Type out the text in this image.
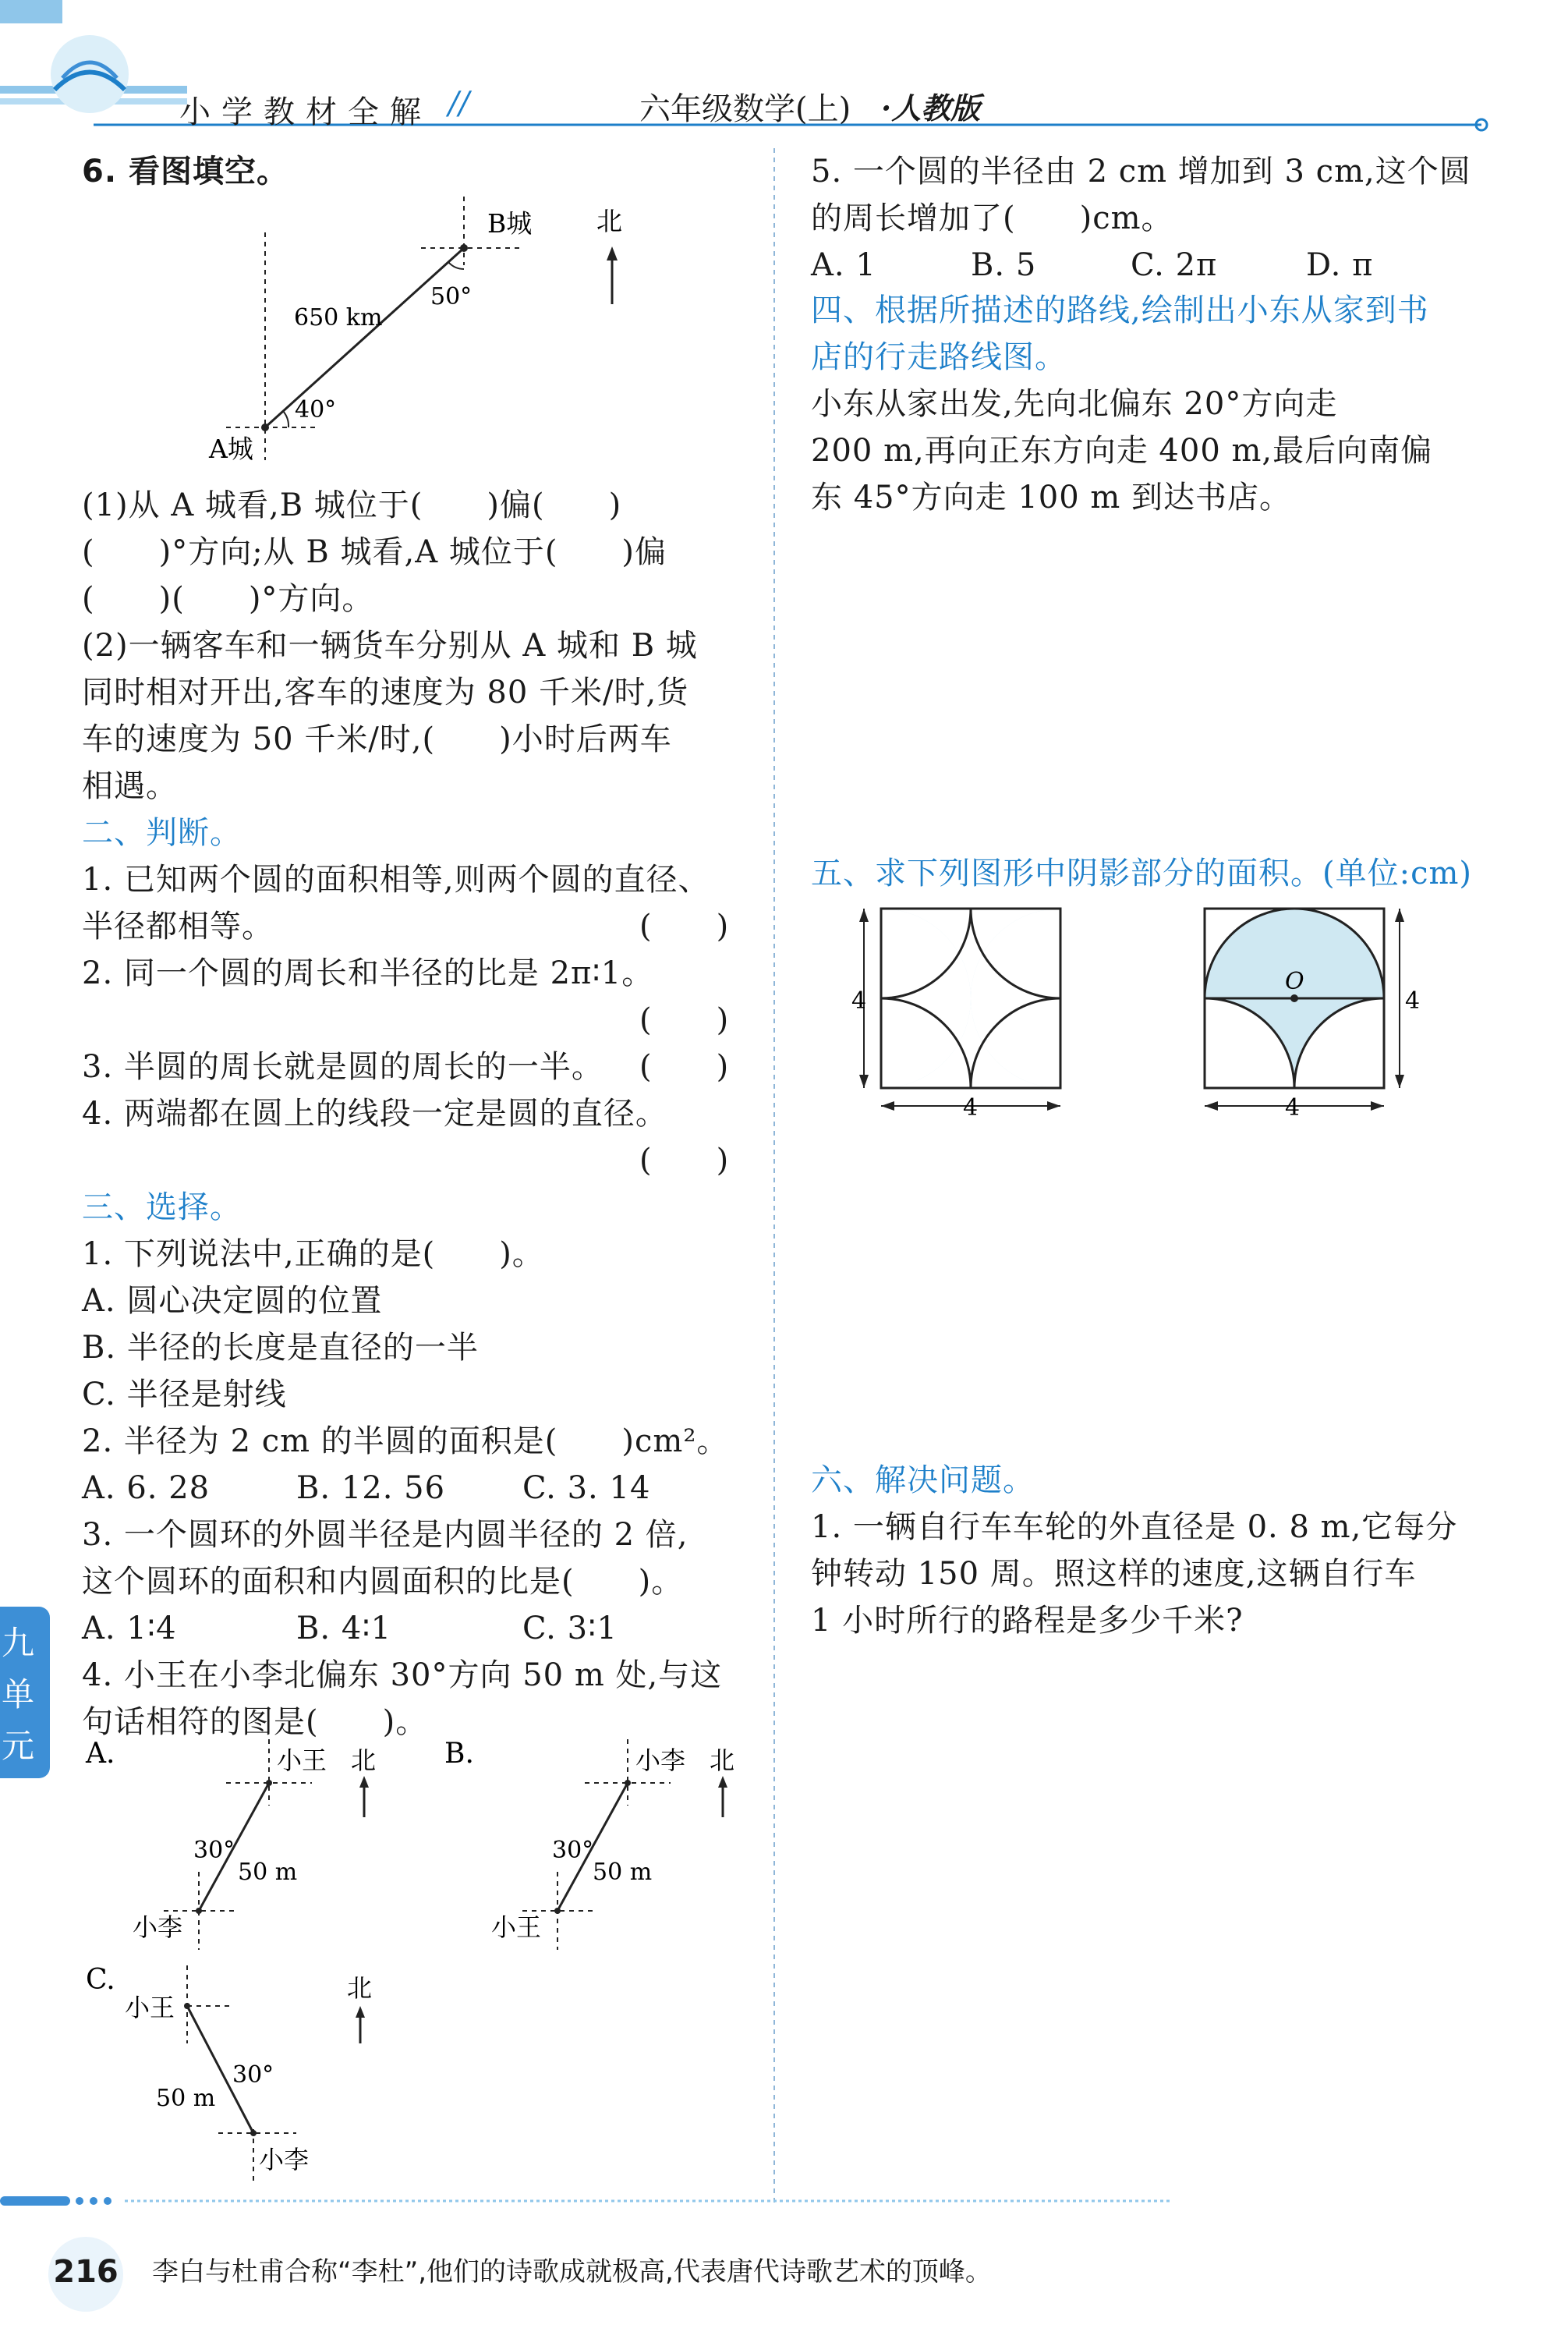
小学教材全解 //	六年级数学(上) ·人教版
九
单
元
6. 看图填空。
B城	北
650 km
50°
40°
A城
(1)从 A 城看,B 城位于(　　)偏(　　)
(　　)°方向;从 B 城看,A 城位于(　　)偏
(　　)(　　)°方向。
(2)一辆客车和一辆货车分别从 A 城和 B 城
同时相对开出,客车的速度为 80 千米/时,货
车的速度为 50 千米/时,(　　)小时后两车
相遇。
二、判断。
1. 已知两个圆的面积相等,则两个圆的直径、
半径都相等。	(　　)
2. 同一个圆的周长和半径的比是 2π∶1。
(　　)
3. 半圆的周长就是圆的周长的一半。 (　　)
4. 两端都在圆上的线段一定是圆的直径。
(　　)
三、选择。
1. 下列说法中,正确的是(　　)。
A. 圆心决定圆的位置
B. 半径的长度是直径的一半
C. 半径是射线
2. 半径为 2 cm 的半圆的面积是(　　)cm²。
A. 6. 28	B. 12. 56 C. 3. 14
3. 一个圆环的外圆半径是内圆半径的 2 倍,
这个圆环的面积和内圆面积的比是(　　)。
A. 1∶4	B. 4∶1	C. 3∶1
4. 小王在小李北偏东 30°方向 50 m 处,与这
句话相符的图是(　　)。
A.	小王
小李
30°
50 m
北 B.	小李
小王
30°
50 m
北
C.
小王
小李
30°
50 m
北
5. 一个圆的半径由 2 cm 增加到 3 cm,这个圆
的周长增加了(　　)cm。
A. 1	B. 5	C. 2π	D. π
四、根据所描述的路线,绘制出小东从家到书
店的行走路线图。
小东从家出发,先向北偏东 20°方向走
200 m,再向正东方向走 400 m,最后向南偏
东 45°方向走 100 m 到达书店。
五、求下列图形中阴影部分的面积。(单位:cm)
4
4
O
4
4
六、解决问题。
1. 一辆自行车车轮的外直径是 0. 8 m,它每分
钟转动 150 周。照这样的速度,这辆自行车
1 小时所行的路程是多少千米?
216 李白与杜甫合称“李杜”,他们的诗歌成就极高,代表唐代诗歌艺术的顶峰。
